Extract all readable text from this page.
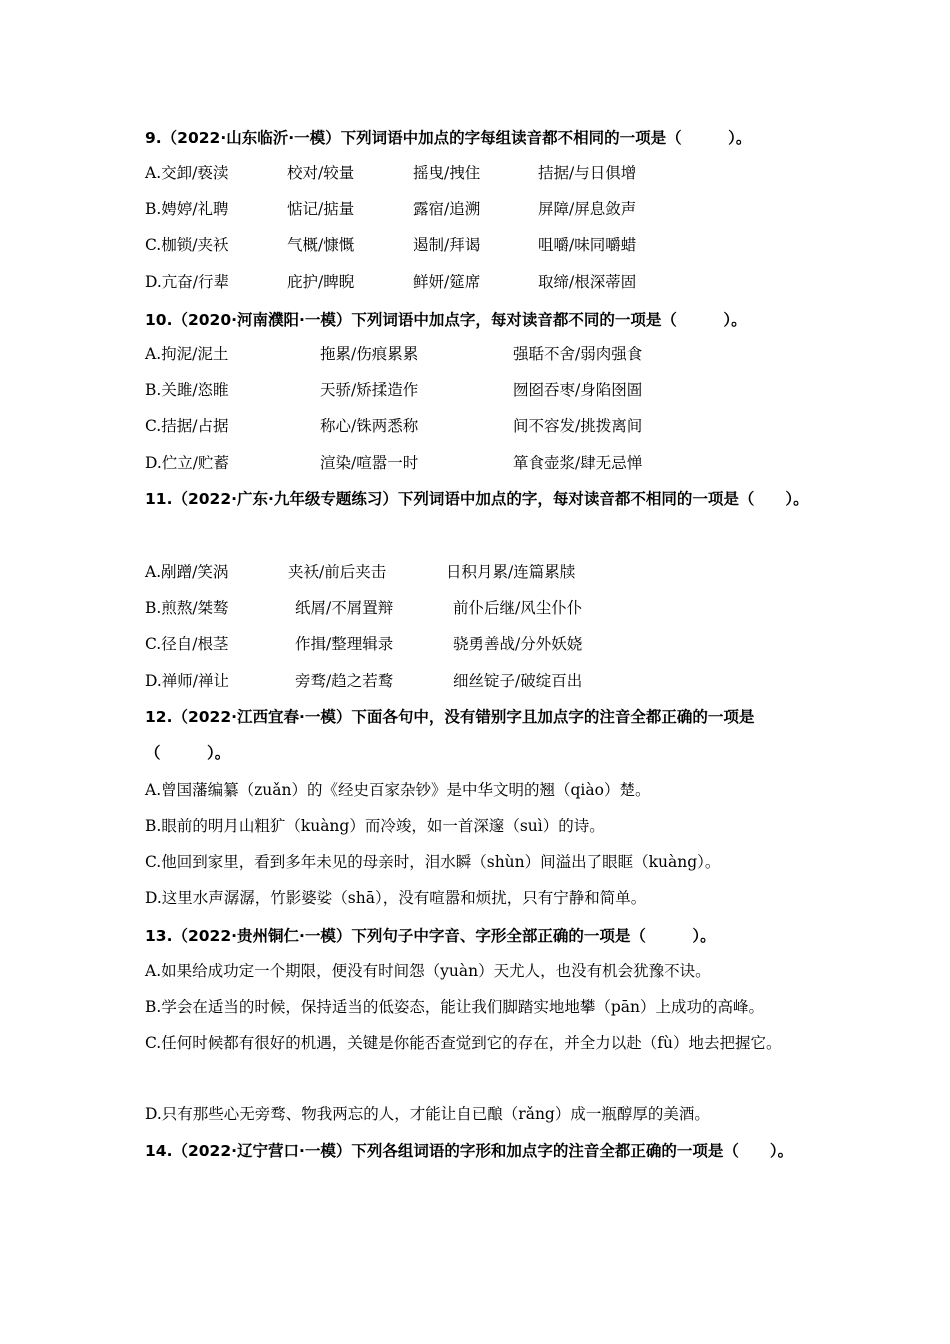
9.（2022·山东临沂·一模）下列词语中加点的字每组读音都不相同的一项是（　　　）。
A.交卸/亵渎	校对/较量	摇曳/拽住	拮据/与日俱增
B.娉婷/礼聘	惦记/掂量	露宿/追溯	屏障/屏息敛声
C.枷锁/夹袄	气概/慷慨	遏制/拜谒	咀嚼/味同嚼蜡
D.亢奋/行辈	庇护/睥睨	鲜妍/筵席	取缔/根深蒂固
10.（2020·河南濮阳·一模）下列词语中加点字，每对读音都不同的一项是（　　　）。
A.拘泥/泥土	拖累/伤痕累累	强聒不舍/弱肉强食
B.关雎/恣睢	天骄/矫揉造作	囫囵吞枣/身陷囹圄
C.拮据/占据	称心/铢两悉称	间不容发/挑拨离间
D.伫立/贮蓄	渲染/喧嚣一时	箪食壶浆/肆无忌惮
11.（2022·广东·九年级专题练习）下列词语中加点的字，每对读音都不相同的一项是（　　）。
A.剐蹭/笑涡	夹袄/前后夹击	日积月累/连篇累牍
B.煎熬/桀骜	纸屑/不屑置辩	前仆后继/风尘仆仆
C.径自/根茎	作揖/整理辑录	骁勇善战/分外妖娆
D.禅师/禅让	旁骛/趋之若鹜	细丝锭子/破绽百出
12.（2022·江西宜春·一模）下面各句中，没有错别字且加点字的注音全都正确的一项是（　　　）。
A.曾国藩编纂（zuǎn）的《经史百家杂钞》是中华文明的翘（qiào）楚。
B.眼前的明月山粗犷（kuàng）而冷竣，如一首深邃（suì）的诗。
C.他回到家里，看到多年未见的母亲时，泪水瞬（shùn）间溢出了眼眶（kuàng）。
D.这里水声潺潺，竹影婆娑（shā），没有喧嚣和烦扰，只有宁静和简单。
13.（2022·贵州铜仁·一模）下列句子中字音、字形全部正确的一项是（　　　）。
A.如果给成功定一个期限，便没有时间怨（yuàn）天尤人，也没有机会犹豫不诀。
B.学会在适当的时候，保持适当的低姿态，能让我们脚踏实地地攀（pān）上成功的高峰。
C.任何时候都有很好的机遇，关键是你能否查觉到它的存在，并全力以赴（fù）地去把握它。
D.只有那些心无旁骛、物我两忘的人，才能让自已酿（rǎng）成一瓶醇厚的美酒。
14.（2022·辽宁营口·一模）下列各组词语的字形和加点字的注音全都正确的一项是（　　）。
